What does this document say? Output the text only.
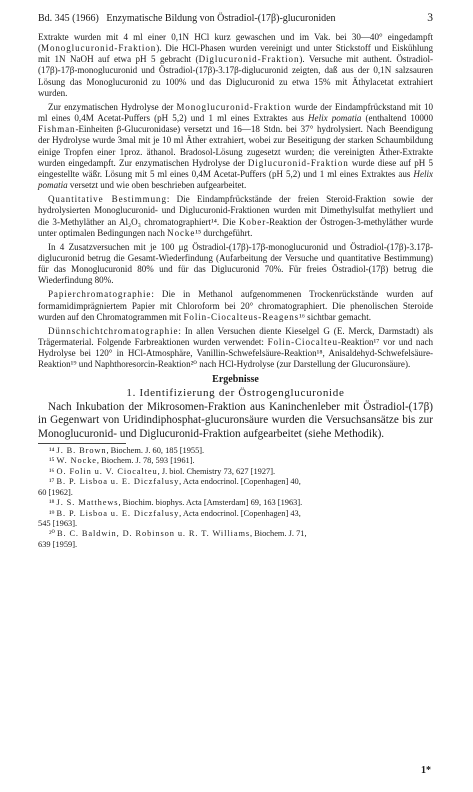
Bd. 345 (1966)   Enzymatische Bildung von Östradiol-(17β)-glucuroniden	3

Extrakte wurden mit 4 ml einer 0,1N HCl kurz gewaschen und im Vak. bei 30—40° eingedampft (Monoglucuronid-Fraktion). Die HCl-Phasen wurden vereinigt und unter Stickstoff und Eiskühlung mit 1N NaOH auf etwa pH 5 gebracht (Diglucuronid-Fraktion). Versuche mit authent. Östradiol-(17β)-17β-monoglucuronid und Östradiol-(17β)-3.17β-diglucuronid zeigten, daß aus der 0,1N salzsauren Lösung das Monoglucuronid zu 100% und das Diglucuronid zu etwa 15% mit Äthylacetat extrahiert wurden.

Zur enzymatischen Hydrolyse der Monoglucuronid-Fraktion wurde der Eindampfrückstand mit 10 ml eines 0,4M Acetat-Puffers (pH 5,2) und 1 ml eines Extraktes aus Helix pomatia (enthaltend 10000 Fishman-Einheiten β-Glucuronidase) versetzt und 16—18 Stdn. bei 37° hydrolysiert. Nach Beendigung der Hydrolyse wurde 3mal mit je 10 ml Äther extrahiert, wobei zur Beseitigung der starken Schaumbildung einige Tropfen einer 1proz. äthanol. Bradosol-Lösung zugesetzt wurden; die vereinigten Äther-Extrakte wurden eingedampft. Zur enzymatischen Hydrolyse der Diglucuronid-Fraktion wurde diese auf pH 5 eingestellte wäßr. Lösung mit 5 ml eines 0,4M Acetat-Puffers (pH 5,2) und 1 ml eines Extraktes aus Helix pomatia versetzt und wie oben beschrieben aufgearbeitet.

Quantitative Bestimmung: Die Eindampfrückstände der freien Steroid-Fraktion sowie der hydrolysierten Monoglucuronid- und Diglucuronid-Fraktionen wurden mit Dimethylsulfat methyliert und die 3-Methyläther an Al₂O₃ chromatographiert¹⁴. Die Kober-Reaktion der Östrogen-3-methyläther wurde unter optimalen Bedingungen nach Nocke¹⁵ durchgeführt.

In 4 Zusatzversuchen mit je 100 μg Östradiol-(17β)-17β-monoglucuronid und Östradiol-(17β)-3.17β-diglucuronid betrug die Gesamt-Wiederfindung (Aufarbeitung der Versuche und quantitative Bestimmung) für das Monoglucuronid 80% und für das Diglucuronid 70%. Für freies Östradiol-(17β) betrug die Wiederfindung 80%.

Papierchromatographie: Die in Methanol aufgenommenen Trockenrückstände wurden auf formamidimprägniertem Papier mit Chloroform bei 20° chromatographiert. Die phenolischen Steroide wurden auf den Chromatogrammen mit Folin-Ciocalteus-Reagens¹⁶ sichtbar gemacht.

Dünnschichtchromatographie: In allen Versuchen diente Kieselgel G (E. Merck, Darmstadt) als Trägermaterial. Folgende Farbreaktionen wurden verwendet: Folin-Ciocalteu-Reaktion¹⁷ vor und nach Hydrolyse bei 120° in HCl-Atmosphäre, Vanillin-Schwefelsäure-Reaktion¹⁸, Anisaldehyd-Schwefelsäure-Reaktion¹⁹ und Naphthoresorcin-Reaktion²⁰ nach HCl-Hydrolyse (zur Darstellung der Glucuronsäure).

Ergebnisse
1. Identifizierung der Östrogenglucuronide

Nach Inkubation der Mikrosomen-Fraktion aus Kaninchenleber mit Östradiol-(17β) in Gegenwart von Uridindiphosphat-glucuronsäure wurden die Versuchsansätze bis zur Monoglucuronid- und Diglucuronid-Fraktion aufgearbeitet (siehe Methodik).

¹⁴ J. B. Brown, Biochem. J. 60, 185 [1955].
¹⁵ W. Nocke, Biochem. J. 78, 593 [1961].
¹⁶ O. Folin u. V. Ciocalteu, J. biol. Chemistry 73, 627 [1927].
¹⁷ B. P. Lisboa u. E. Diczfalusy, Acta endocrinol. [Copenhagen] 40,
60 [1962].
¹⁸ J. S. Matthews, Biochim. biophys. Acta [Amsterdam] 69, 163 [1963].
¹⁹ B. P. Lisboa u. E. Diczfalusy, Acta endocrinol. [Copenhagen] 43,
545 [1963].
²⁰ B. C. Baldwin, D. Robinson u. R. T. Williams, Biochem. J. 71,
639 [1959].
1*
